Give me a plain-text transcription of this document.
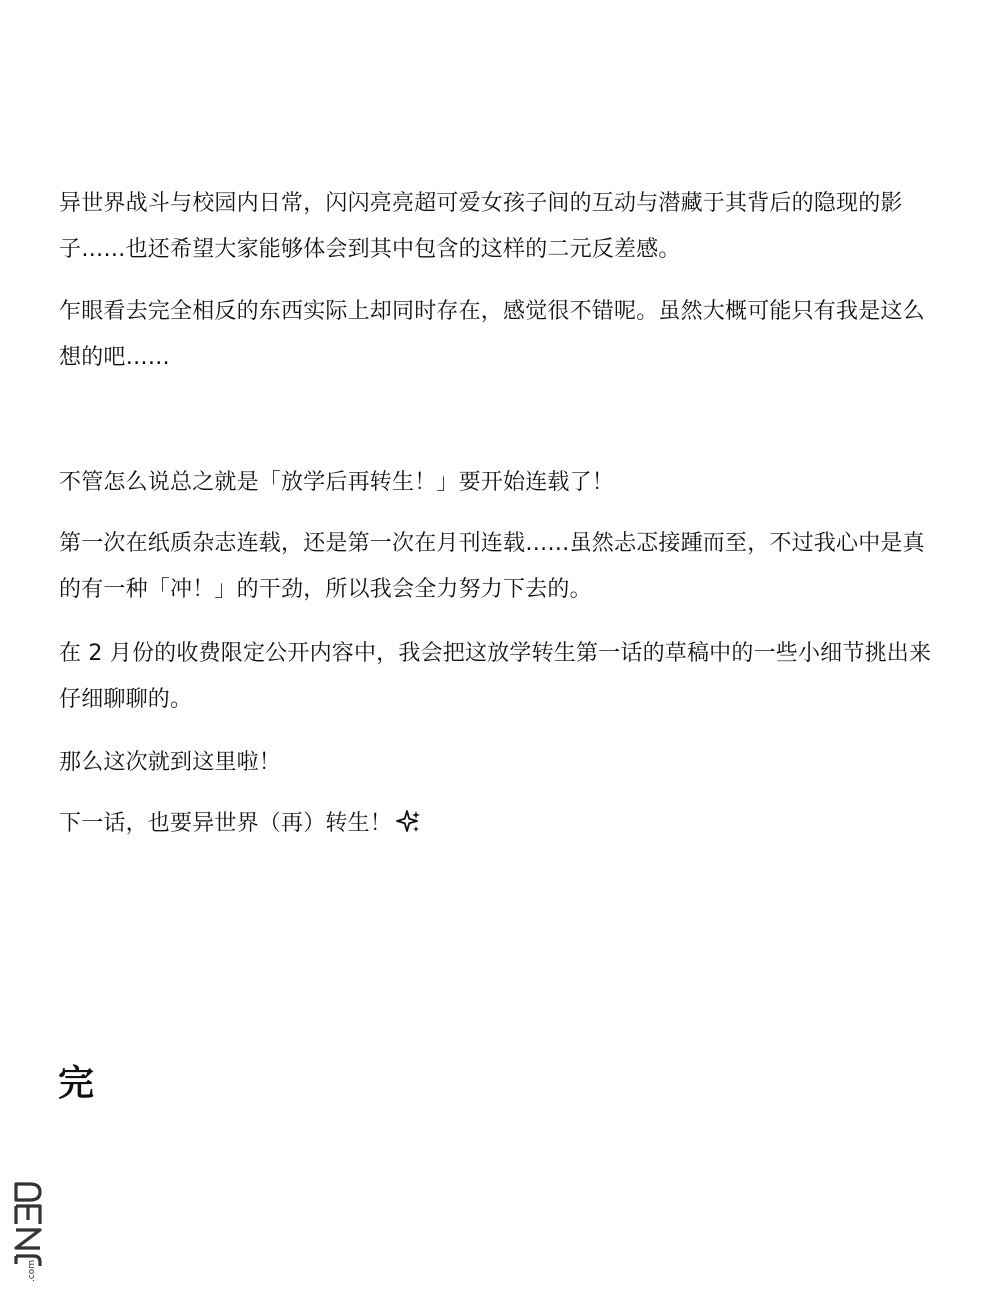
异世界战斗与校园内日常，闪闪亮亮超可爱女孩子间的互动与潜藏于其背后的隐现的影子……也还希望大家能够体会到其中包含的这样的二元反差感。

乍眼看去完全相反的东西实际上却同时存在，感觉很不错呢。虽然大概可能只有我是这么想的吧……

不管怎么说总之就是「放学后再转生！」要开始连载了！

第一次在纸质杂志连载，还是第一次在月刊连载……虽然忐忑接踵而至，不过我心中是真的有一种「冲！」的干劲，所以我会全力努力下去的。

在 2 月份的收费限定公开内容中，我会把这放学转生第一话的草稿中的一些小细节挑出来仔细聊聊的。

那么这次就到这里啦！

下一话，也要异世界（再）转生！

完

.com
